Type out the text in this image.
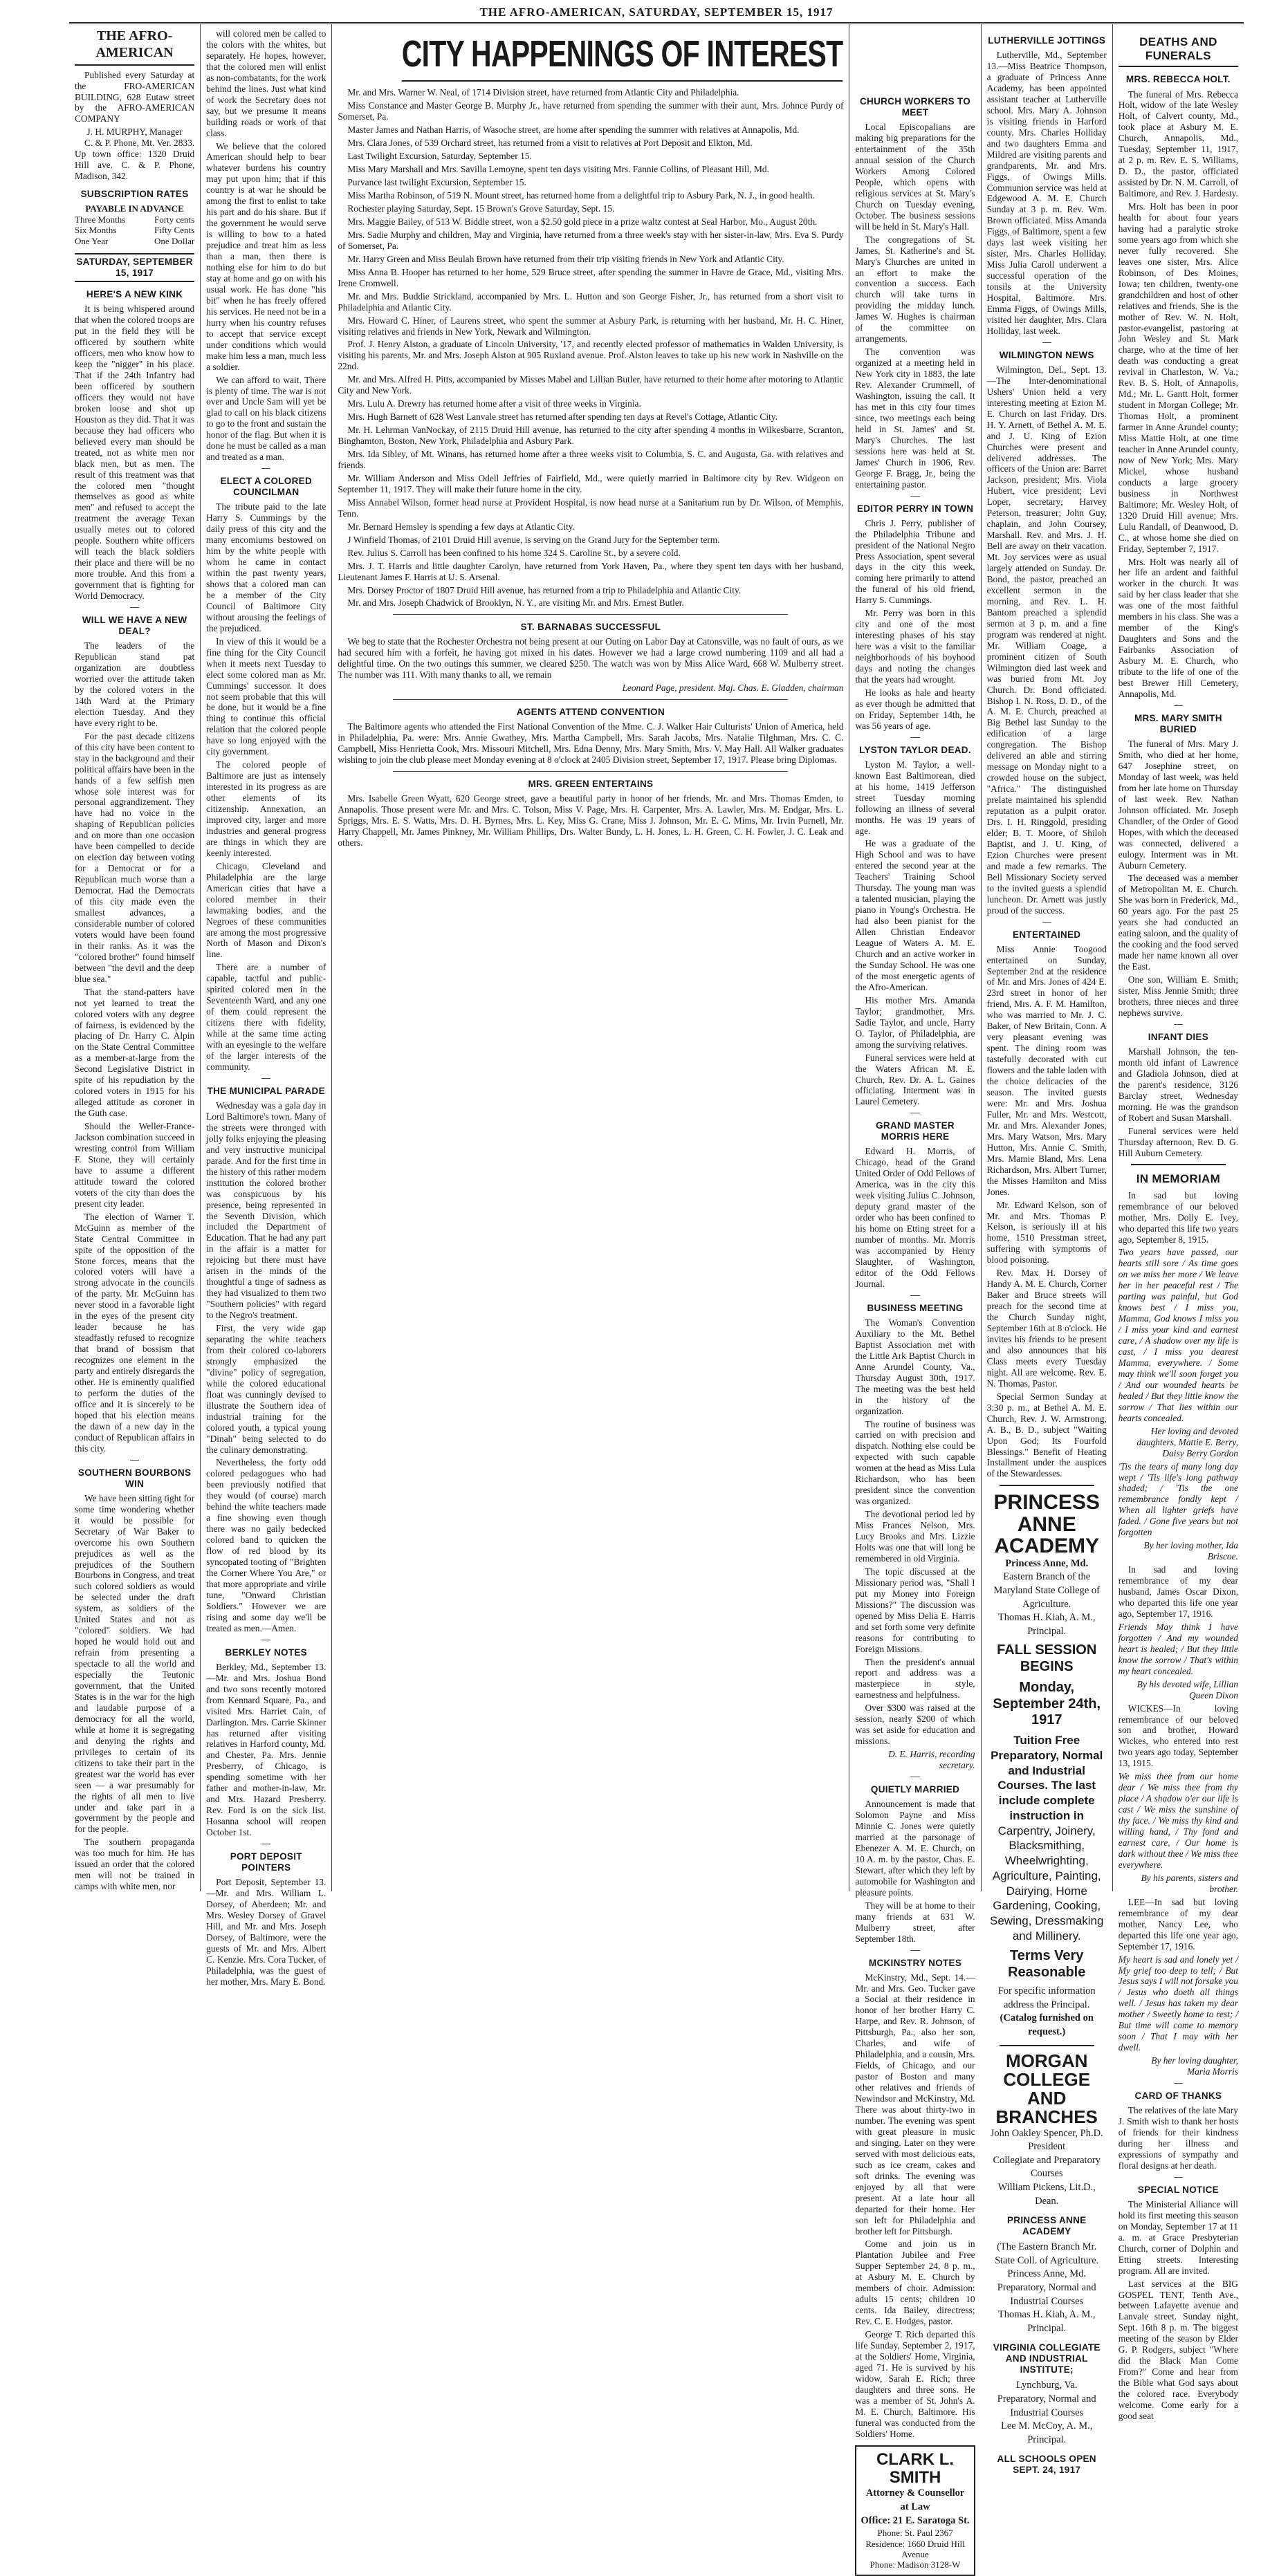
THE AFRO-AMERICAN, SATURDAY, SEPTEMBER 15, 1917
THE AFRO-AMERICAN

Published every Saturday at the FRO-AMERICAN BUILDING, 628 Eutaw street by the AFRO-AMERICAN COMPANY

J. H. MURPHY, Manager

C. & P. Phone, Mt. Ver. 2833. Up town office: 1320 Druid Hill ave. C. & P. Phone, Madison, 342.

SUBSCRIPTION RATES
PAYABLE IN ADVANCE
Three Months	Forty cents
Six Months	Fifty Cents
One Year	One Dollar
SATURDAY, SEPTEMBER 15, 1917
HERE'S A NEW KINK

It is being whispered around that when the colored troops are put in the field they will be officered by southern white officers, men who know how to keep the "nigger" in his place. That if the 24th Infantry had been officered by southern officers they would not have broken loose and shot up Houston as they did. That it was because they had officers who believed every man should be treated, not as white men nor black men, but as men. The result of this treatment was that the colored men "thought themselves as good as white men" and refused to accept the treatment the average Texan usually metes out to colored people. Southern white officers will teach the black soldiers their place and there will be no more trouble. And this from a government that is fighting for World Democracy.

WILL WE HAVE A NEW DEAL?

The leaders of the Republican stand pat organization are doubtless worried over the attitude taken by the colored voters in the 14th Ward at the Primary election Tuesday. And they have every right to be.

For the past decade citizens of this city have been content to stay in the background and their political affairs have been in the hands of a few selfish men whose sole interest was for personal aggrandizement. They have had no voice in the shaping of Republican policies and on more than one occasion have been compelled to decide on election day between voting for a Democrat or for a Republican much worse than a Democrat. Had the Democrats of this city made even the smallest advances, a considerable number of colored voters would have been found in their ranks. As it was the "colored brother" found himself between "the devil and the deep blue sea."

That the stand-patters have not yet learned to treat the colored voters with any degree of fairness, is evidenced by the placing of Dr. Harry C. Alpin on the State Central Committee as a member-at-large from the Second Legislative District in spite of his repudiation by the colored voters in 1915 for his alleged attitude as coroner in the Guth case.

Should the Weller-France-Jackson combination succeed in wresting control from William F. Stone, they will certainly have to assume a different attitude toward the colored voters of the city than does the present city leader.

The election of Warner T. McGuinn as member of the State Central Committee in spite of the opposition of the Stone forces, means that the colored voters will have a strong advocate in the councils of the party. Mr. McGuinn has never stood in a favorable light in the eyes of the present city leader because he has steadfastly refused to recognize that brand of bossism that recognizes one element in the party and entirely disregards the other. He is eminently qualified to perform the duties of the office and it is sincerely to be hoped that his election means the dawn of a new day in the conduct of Republican affairs in this city.

SOUTHERN BOURBONS WIN

We have been sitting tight for some time wondering whether it would be possible for Secretary of War Baker to overcome his own Southern prejudices as well as the prejudices of the Southern Bourbons in Congress, and treat such colored soldiers as would be selected under the draft system, as soldiers of the United States and not as "colored" soldiers. We had hoped he would hold out and refrain from presenting a spectacle to all the world and especially the Teutonic government, that the United States is in the war for the high and laudable purpose of a democracy for all the world, while at home it is segregating and denying the rights and privileges to certain of its citizens to take their part in the greatest war the world has ever seen — a war presumably for the rights of all men to live under and take part in a government by the people and for the people.

The southern propaganda was too much for him. He has issued an order that the colored men will not be trained in camps with white men, nor

will colored men be called to the colors with the whites, but separately. He hopes, however, that the colored men will enlist as non-combatants, for the work behind the lines. Just what kind of work the Secretary does not say, but we presume it means building roads or work of that class.

We believe that the colored American should help to bear whatever burdens his country may put upon him; that if this country is at war he should be among the first to enlist to take his part and do his share. But if the government he would serve is willing to bow to a hated prejudice and treat him as less than a man, then there is nothing else for him to do but stay at home and go on with his usual work. He has done "his bit" when he has freely offered his services. He need not be in a hurry when his country refuses to accept that service except under conditions which would make him less a man, much less a soldier.

We can afford to wait. There is plenty of time. The war is not over and Uncle Sam will yet be glad to call on his black citizens to go to the front and sustain the honor of the flag. But when it is done he must be called as a man and treated as a man.

ELECT A COLORED COUNCILMAN

The tribute paid to the late Harry S. Cummings by the daily press of this city and the many encomiums bestowed on him by the white people with whom he came in contact within the past twenty years, shows that a colored man can be a member of the City Council of Baltimore City without arousing the feelings of the prejudiced.

In view of this it would be a fine thing for the City Council when it meets next Tuesday to elect some colored man as Mr. Cummings' successor. It does not seem probable that this will be done, but it would be a fine thing to continue this official relation that the colored people have so long enjoyed with the city government.

The colored people of Baltimore are just as intensely interested in its progress as are other elements of its citizenship. Annexation, an improved city, larger and more industries and general progress are things in which they are keenly interested.

Chicago, Cleveland and Philadelphia are the large American cities that have a colored member in their lawmaking bodies, and the Negroes of these communities are among the most progressive North of Mason and Dixon's line.

There are a number of capable, tactful and public-spirited colored men in the Seventeenth Ward, and any one of them could represent the citizens there with fidelity, while at the same time acting with an eyesingle to the welfare of the larger interests of the community.

THE MUNICIPAL PARADE

Wednesday was a gala day in Lord Baltimore's town. Many of the streets were thronged with jolly folks enjoying the pleasing and very instructive municipal parade. And for the first time in the history of this rather modern institution the colored brother was conspicuous by his presence, being represented in the Seventh Division, which included the Department of Education. That he had any part in the affair is a matter for rejoicing but there must have arisen in the minds of the thoughtful a tinge of sadness as they had visualized to them two "Southern policies" with regard to the Negro's treatment.

First, the very wide gap separating the white teachers from their colored co-laborers strongly emphasized the "divine" policy of segregation, while the colored educational float was cunningly devised to illustrate the Southern idea of industrial training for the colored youth, a typical young "Dinah" being selected to do the culinary demonstrating.

Nevertheless, the forty odd colored pedagogues who had been previously notified that they would (of course) march behind the white teachers made a fine showing even though there was no gaily bedecked colored band to quicken the flow of red blood by its syncopated tooting of "Brighten the Corner Where You Are," or that more appropriate and virile tune, "Onward Christian Soldiers." However we are rising and some day we'll be treated as men.—Amen.

BERKLEY NOTES

Berkley, Md., September 13.—Mr. and Mrs. Joshua Bond and two sons recently motored from Kennard Square, Pa., and visited Mrs. Harriet Cain, of Darlington. Mrs. Carrie Skinner has returned after visiting relatives in Harford county, Md. and Chester, Pa. Mrs. Jennie Presberry, of Chicago, is spending sometime with her father and mother-in-law, Mr. and Mrs. Hazard Presberry. Rev. Ford is on the sick list. Hosanna school will reopen October 1st.

PORT DEPOSIT POINTERS

Port Deposit, September 13.—Mr. and Mrs. William L. Dorsey, of Aberdeen; Mr. and Mrs. Wesley Dorsey of Gravel Hill, and Mr. and Mrs. Joseph Dorsey, of Baltimore, were the guests of Mr. and Mrs. Albert C. Kenzie. Mrs. Cora Tucker, of Philadelphia, was the guest of her mother, Mrs. Mary E. Bond.

CITY HAPPENINGS OF INTEREST

Mr. and Mrs. Warner W. Neal, of 1714 Division street, have returned from Atlantic City and Philadelphia.

Miss Constance and Master George B. Murphy Jr., have returned from spending the summer with their aunt, Mrs. Johnce Purdy of Somerset, Pa.

Master James and Nathan Harris, of Wasoche street, are home after spending the summer with relatives at Annapolis, Md.

Mrs. Clara Jones, of 539 Orchard street, has returned from a visit to relatives at Port Deposit and Elkton, Md.

Last Twilight Excursion, Saturday, September 15.

Miss Mary Marshall and Mrs. Savilla Lemoyne, spent ten days visiting Mrs. Fannie Collins, of Pleasant Hill, Md.

Purvance last twilight Excursion, September 15.

Miss Martha Robinson, of 519 N. Mount street, has returned home from a delightful trip to Asbury Park, N. J., in good health.

Rochester playing Saturday, Sept. 15 Brown's Grove Saturday, Sept. 15.

Mrs. Maggie Bailey, of 513 W. Biddle street, won a $2.50 gold piece in a prize waltz contest at Seal Harbor, Mo., August 20th.

Mrs. Sadie Murphy and children, May and Virginia, have returned from a three week's stay with her sister-in-law, Mrs. Eva S. Purdy of Somerset, Pa.

Mr. Harry Green and Miss Beulah Brown have returned from their trip visiting friends in New York and Atlantic City.

Miss Anna B. Hooper has returned to her home, 529 Bruce street, after spending the summer in Havre de Grace, Md., visiting Mrs. Irene Cromwell.

Mr. and Mrs. Buddie Strickland, accompanied by Mrs. L. Hutton and son George Fisher, Jr., has returned from a short visit to Philadelphia and Atlantic City.

Mrs. Howard C. Hiner, of Laurens street, who spent the summer at Asbury Park, is returning with her husband, Mr. H. C. Hiner, visiting relatives and friends in New York, Newark and Wilmington.

Prof. J. Henry Alston, a graduate of Lincoln University, '17, and recently elected professor of mathematics in Walden University, is visiting his parents, Mr. and Mrs. Joseph Alston at 905 Ruxland avenue. Prof. Alston leaves to take up his new work in Nashville on the 22nd.

Mr. and Mrs. Alfred H. Pitts, accompanied by Misses Mabel and Lillian Butler, have returned to their home after motoring to Atlantic City and New York.

Mrs. Lulu A. Drewry has returned home after a visit of three weeks in Virginia.

Mrs. Hugh Barnett of 628 West Lanvale street has returned after spending ten days at Revel's Cottage, Atlantic City.

Mr. H. Lehrman VanNockay, of 2115 Druid Hill avenue, has returned to the city after spending 4 months in Wilkesbarre, Scranton, Binghamton, Boston, New York, Philadelphia and Asbury Park.

Mrs. Ida Sibley, of Mt. Winans, has returned home after a three weeks visit to Columbia, S. C. and Augusta, Ga. with relatives and friends.

Mr. William Anderson and Miss Odell Jeffries of Fairfield, Md., were quietly married in Baltimore city by Rev. Widgeon on September 11, 1917. They will make their future home in the city.

Miss Annabel Wilson, former head nurse at Provident Hospital, is now head nurse at a Sanitarium run by Dr. Wilson, of Memphis, Tenn.

Mr. Bernard Hemsley is spending a few days at Atlantic City.

J Winfield Thomas, of 2101 Druid Hill avenue, is serving on the Grand Jury for the September term.

Rev. Julius S. Carroll has been confined to his home 324 S. Caroline St., by a severe cold.

Mrs. J. T. Harris and little daughter Carolyn, have returned from York Haven, Pa., where they spent ten days with her husband, Lieutenant James F. Harris at U. S. Arsenal.

Mrs. Dorsey Proctor of 1807 Druid Hill avenue, has returned from a trip to Philadelphia and Atlantic City.

Mr. and Mrs. Joseph Chadwick of Brooklyn, N. Y., are visiting Mr. and Mrs. Ernest Butler.

ST. BARNABAS SUCCESSFUL

We beg to state that the Rochester Orchestra not being present at our Outing on Labor Day at Catonsville, was no fault of ours, as we had secured him with a forfeit, he having got mixed in his dates. However we had a large crowd numbering 1109 and all had a delightful time. On the two outings this summer, we cleared $250. The watch was won by Miss Alice Ward, 668 W. Mulberry street. The number was 111. With many thanks to all, we remain

Leonard Page, president. Maj. Chas. E. Gladden, chairman

AGENTS ATTEND CONVENTION

The Baltimore agents who attended the First National Convention of the Mme. C. J. Walker Hair Culturists' Union of America, held in Philadelphia, Pa. were: Mrs. Annie Gwathey, Mrs. Martha Campbell, Mrs. Sarah Jacobs, Mrs. Natalie Tilghman, Mrs. C. C. Campbell, Miss Henrietta Cook, Mrs. Missouri Mitchell, Mrs. Edna Denny, Mrs. Mary Smith, Mrs. V. May Hall. All Walker graduates wishing to join the club please meet Monday evening at 8 o'clock at 2405 Division street, September 17, 1917. Please bring Diplomas.

MRS. GREEN ENTERTAINS

Mrs. Isabelle Green Wyatt, 620 George street, gave a beautiful party in honor of her friends, Mr. and Mrs. Thomas Emden, to Annapolis. Those present were Mr. and Mrs. C. Tolson, Miss V. Page, Mrs. H. Carpenter, Mrs. A. Lawler, Mrs. M. Endgar, Mrs. L. Spriggs, Mrs. E. S. Watts, Mrs. D. H. Byrnes, Mrs. L. Key, Miss G. Crane, Miss J. Johnson, Mr. E. C. Mims, Mr. Irvin Purnell, Mr. Harry Chappell, Mr. James Pinkney, Mr. William Phillips, Drs. Walter Bundy, L. H. Jones, L. H. Green, C. H. Fowler, J. C. Leak and others.

CHURCH WORKERS TO MEET

Local Episcopalians are making big preparations for the entertainment of the 35th annual session of the Church Workers Among Colored People, which opens with religious services at St. Mary's Church on Tuesday evening, October. The business sessions will be held in St. Mary's Hall.

The congregations of St. James, St. Katherine's and St. Mary's Churches are united in an effort to make the convention a success. Each church will take turns in providing the midday lunch. James W. Hughes is chairman of the committee on arrangements.

The convention was organized at a meeting held in New York city in 1883, the late Rev. Alexander Crummell, of Washington, issuing the call. It has met in this city four times since, two meetings each being held in St. James' and St. Mary's Churches. The last sessions here was held at St. James' Church in 1906, Rev. George F. Bragg, Jr., being the entertaining pastor.

EDITOR PERRY IN TOWN

Chris J. Perry, publisher of the Philadelphia Tribune and president of the National Negro Press Association, spent several days in the city this week, coming here primarily to attend the funeral of his old friend, Harry S. Cummings.

Mr. Perry was born in this city and one of the most interesting phases of his stay here was a visit to the familiar neighborhoods of his boyhood days and noting the changes that the years had wrought.

He looks as hale and hearty as ever though he admitted that on Friday, September 14th, he was 56 years of age.

LYSTON TAYLOR DEAD.

Lyston M. Taylor, a well-known East Baltimorean, died at his home, 1419 Jefferson street Tuesday morning following an illness of several months. He was 19 years of age.

He was a graduate of the High School and was to have entered the second year at the Teachers' Training School Thursday. The young man was a talented musician, playing the piano in Young's Orchestra. He had also been pianist for the Allen Christian Endeavor League of Waters A. M. E. Church and an active worker in the Sunday School. He was one of the most energetic agents of the Afro-American.

His mother Mrs. Amanda Taylor; grandmother, Mrs. Sadie Taylor, and uncle, Harry O. Taylor, of Philadelphia, are among the surviving relatives.

Funeral services were held at the Waters African M. E. Church, Rev. Dr. A. L. Gaines officiating. Interment was in Laurel Cemetery.

GRAND MASTER MORRIS HERE

Edward H. Morris, of Chicago, head of the Grand United Order of Odd Fellows of America, was in the city this week visiting Julius C. Johnson, deputy grand master of the order who has been confined to his home on Etting street for a number of months. Mr. Morris was accompanied by Henry Slaughter, of Washington, editor of the Odd Fellows Journal.

BUSINESS MEETING

The Woman's Convention Auxiliary to the Mt. Bethel Baptist Association met with the Little Ark Baptist Church in Anne Arundel County, Va., Thursday August 30th, 1917. The meeting was the best held in the history of the organization.

The routine of business was carried on with precision and dispatch. Nothing else could be expected with such capable women at the head as Miss Lula Richardson, who has been president since the convention was organized.

The devotional period led by Miss Frances Nelson, Mrs. Lucy Brooks and Mrs. Lizzie Holts was one that will long be remembered in old Virginia.

The topic discussed at the Missionary period was, "Shall I put my Money into Foreign Missions?" The discussion was opened by Miss Delia E. Harris and set forth some very definite reasons for contributing to Foreign Missions.

Then the president's annual report and address was a masterpiece in style, earnestness and helpfulness.

Over $300 was raised at the session, nearly $200 of which was set aside for education and missions.

D. E. Harris, recording secretary.

QUIETLY MARRIED

Announcement is made that Solomon Payne and Miss Minnie C. Jones were quietly married at the parsonage of Ebenezer A. M. E. Church, on 10 A. m. by the pastor, Chas. E. Stewart, after which they left by automobile for Washington and pleasure points.

They will be at home to their many friends at 631 W. Mulberry street, after September 18th.

MCKINSTRY NOTES

McKinstry, Md., Sept. 14.—Mr. and Mrs. Geo. Tucker gave a Social at their residence in honor of her brother Harry C. Harpe, and Rev. R. Johnson, of Pittsburgh, Pa., also her son, Charles, and wife of Philadelphia, and a cousin, Mrs. Fields, of Chicago, and our pastor of Boston and many other relatives and friends of Newindsor and McKinstry, Md. There was about thirty-two in number. The evening was spent with great pleasure in music and singing. Later on they were served with most delicious eats, such as ice cream, cakes and soft drinks. The evening was enjoyed by all that were present. At a late hour all departed for their home. Her son left for Philadelphia and brother left for Pittsburgh.

Come and join us in Plantation Jubilee and Free Supper September 24, 8 p. m., at Asbury M. E. Church by members of choir. Admission: adults 15 cents; children 10 cents. Ida Bailey, directress; Rev. C. E. Hodges, pastor.

George T. Rich departed this life Sunday, September 2, 1917, at the Soldiers' Home, Virginia, aged 71. He is survived by his widow, Sarah E. Rich; three daughters and three sons. He was a member of St. John's A. M. E. Church, Baltimore. His funeral was conducted from the Soldiers' Home.

CLARK L. SMITH
Attorney & Counsellor at Law
Office: 21 E. Saratoga St.
Phone: St. Paul 2367
Residence: 1660 Druid Hill Avenue
Phone: Madison 3128-W
LUTHERVILLE JOTTINGS

Lutherville, Md., September 13.—Miss Beatrice Thompson, a graduate of Princess Anne Academy, has been appointed assistant teacher at Lutherville school. Mrs. Mary A. Johnson is visiting friends in Harford county. Mrs. Charles Holliday and two daughters Emma and Mildred are visiting parents and grandparents, Mr. and Mrs. Figgs, of Owings Mills. Communion service was held at Edgewood A. M. E. Church Sunday at 3 p. m. Rev. Wm. Brown officiated. Miss Amanda Figgs, of Baltimore, spent a few days last week visiting her sister, Mrs. Charles Holliday. Miss Julia Caroll underwent a successful operation of the tonsils at the University Hospital, Baltimore. Mrs. Emma Figgs, of Owings Mills, visited her daughter, Mrs. Clara Holliday, last week.

WILMINGTON NEWS

Wilmington, Del., Sept. 13.—The Inter-denominational Ushers' Union held a very interesting meeting at Ezion M. E. Church on last Friday. Drs. H. Y. Arnett, of Bethel A. M. E. and J. U. King of Ezion Churches were present and delivered addresses. The officers of the Union are: Barret Jackson, president; Mrs. Viola Hubert, vice president; Levi Loper, secretary; Harvey Peterson, treasurer; John Guy, chaplain, and John Coursey, Marshall. Rev. and Mrs. J. H. Bell are away on their vacation. Mt. Joy services were as usual largely attended on Sunday. Dr. Bond, the pastor, preached an excellent sermon in the morning, and Rev. L. H. Bantom preached a splendid sermon at 3 p. m. and a fine program was rendered at night. Mr. William Coage, a prominent citizen of South Wilmington died last week and was buried from Mt. Joy Church. Dr. Bond officiated. Bishop I. N. Ross, D. D., of the A. M. E. Church, preached at Big Bethel last Sunday to the edification of a large congregation. The Bishop delivered an able and stirring message on Monday night to a crowded house on the subject, "Africa." The distinguished prelate maintained his splendid reputation as a pulpit orator. Drs. I. H. Ringgold, presiding elder; B. T. Moore, of Shiloh Baptist, and J. U. King, of Ezion Churches were present and made a few remarks. The Bell Missionary Society served to the invited guests a splendid luncheon. Dr. Arnett was justly proud of the success.

ENTERTAINED

Miss Annie Toogood entertained on Sunday, September 2nd at the residence of Mr. and Mrs. Jones of 424 E. 23rd street in honor of her friend, Mrs. A. F. M. Hamilton, who was married to Mr. J. C. Baker, of New Britain, Conn. A very pleasant evening was spent. The dining room was tastefully decorated with cut flowers and the table laden with the choice delicacies of the season. The invited guests were: Mr. and Mrs. Joshua Fuller, Mr. and Mrs. Westcott, Mr. and Mrs. Alexander Jones, Mrs. Mary Watson, Mrs. Mary Hutton, Mrs. Annie C. Smith, Mrs. Mamie Bland, Mrs. Lena Richardson, Mrs. Albert Turner, the Misses Hamilton and Miss Jones.

Mr. Edward Kelson, son of Mr. and Mrs. Thomas P. Kelson, is seriously ill at his home, 1510 Presstman street, suffering with symptoms of blood poisoning.

Rev. Max H. Dorsey of Handy A. M. E. Church, Corner Baker and Bruce streets will preach for the second time at the Church Sunday night, September 16th at 8 o'clock. He invites his friends to be present and also announces that his Class meets every Tuesday night. All are welcome. Rev. E. N. Thomas, Pastor.

Special Sermon Sunday at 3:30 p. m., at Bethel A. M. E. Church, Rev. J. W. Armstrong, A. B., B. D., subject "Waiting Upon God; Its Fourfold Blessings." Benefit of Heating Installment under the auspices of the Stewardesses.

PRINCESS ANNE ACADEMY
Princess Anne, Md.
Eastern Branch of the Maryland State College of Agriculture.
Thomas H. Kiah, A. M., Principal.
FALL SESSION BEGINS
Monday, September 24th, 1917
Tuition Free Preparatory, Normal and Industrial Courses. The last include complete instruction in
Carpentry, Joinery, Blacksmithing, Wheelwrighting, Agriculture, Painting, Dairying, Home Gardening, Cooking, Sewing, Dressmaking and Millinery.
Terms Very Reasonable
For specific information address the Principal.
(Catalog furnished on request.)
MORGAN COLLEGE AND BRANCHES
John Oakley Spencer, Ph.D. President
Collegiate and Preparatory Courses
William Pickens, Lit.D., Dean.
PRINCESS ANNE ACADEMY
(The Eastern Branch Mr. State Coll. of Agriculture.
Princess Anne, Md.
Preparatory, Normal and Industrial Courses
Thomas H. Kiah, A. M., Principal.
VIRGINIA COLLEGIATE AND INDUSTRIAL INSTITUTE;
Lynchburg, Va.
Preparatory, Normal and Industrial Courses
Lee M. McCoy, A. M., Principal.
ALL SCHOOLS OPEN SEPT. 24, 1917
DEATHS AND FUNERALS
MRS. REBECCA HOLT.

The funeral of Mrs. Rebecca Holt, widow of the late Wesley Holt, of Calvert county, Md., took place at Asbury M. E. Church, Annapolis, Md., Tuesday, September 11, 1917, at 2 p. m. Rev. E. S. Williams, D. D., the pastor, officiated assisted by Dr. N. M. Carroll, of Baltimore, and Rev. J. Hardesty.

Mrs. Holt has been in poor health for about four years having had a paralytic stroke some years ago from which she never fully recovered. She leaves one sister, Mrs. Alice Robinson, of Des Moines, Iowa; ten children, twenty-one grandchildren and host of other relatives and friends. She is the mother of Rev. W. N. Holt, pastor-evangelist, pastoring at John Wesley and St. Mark charge, who at the time of her death was conducting a great revival in Charleston, W. Va.; Rev. B. S. Holt, of Annapolis, Md.; Mr. L. Gantt Holt, former student in Morgan College; Mr. Thomas Holt, a prominent farmer in Anne Arundel county; Miss Mattie Holt, at one time teacher in Anne Arundel county, now of New York; Mrs. Mary Mickel, whose husband conducts a large grocery business in Northwest Baltimore; Mr. Wesley Holt, of 1320 Druid Hill avenue; Mrs. Lulu Randall, of Deanwood, D. C., at whose home she died on Friday, September 7, 1917.

Mrs. Holt was nearly all of her life an ardent and faithful worker in the church. It was said by her class leader that she was one of the most faithful members in his class. She was a member of the King's Daughters and Sons and the Fairbanks Association of Asbury M. E. Church, who tribute to the life of one of the best Brewer Hill Cemetery, Annapolis, Md.

MRS. MARY SMITH BURIED

The funeral of Mrs. Mary J. Smith, who died at her home, 647 Josephine street, on Monday of last week, was held from her late home on Thursday of last week. Rev. Nathan Johnson officiated. Mr. Joseph Chandler, of the Order of Good Hopes, with which the deceased was connected, delivered a eulogy. Interment was in Mt. Auburn Cemetery.

The deceased was a member of Metropolitan M. E. Church. She was born in Frederick, Md., 60 years ago. For the past 25 years she had conducted an eating saloon, and the quality of the cooking and the food served made her name known all over the East.

One son, William E. Smith; sister, Miss Jennie Smith; three brothers, three nieces and three nephews survive.

INFANT DIES

Marshall Johnson, the ten-month old infant of Lawrence and Gladiola Johnson, died at the parent's residence, 3126 Barclay street, Wednesday morning. He was the grandson of Robert and Susan Marshall.

Funeral services were held Thursday afternoon, Rev. D. G. Hill Auburn Cemetery.

IN MEMORIAM

In sad but loving remembrance of our beloved mother, Mrs. Dolly E. Ivey, who departed this life two years ago, September 8, 1915.

Two years have passed, our hearts still sore / As time goes on we miss her more / We leave her in her peaceful rest / The parting was painful, but God knows best / I miss you, Mamma, God knows I miss you / I miss your kind and earnest care, / A shadow over my life is cast, / I miss you dearest Mamma, everywhere. / Some may think we'll soon forget you / And our wounded hearts be healed / But they little know the sorrow / That lies within our hearts concealed.

Her loving and devoted daughters, Mattie E. Berry, Daisy Berry Gordon

'Tis the tears of many long day wept / 'Tis life's long pathway shaded; / 'Tis the one remembrance fondly kept / When all lighter griefs have faded. / Gone five years but not forgotten

By her loving mother, Ida Briscoe.

In sad and loving remembrance of my dear husband, James Oscar Dixon, who departed this life one year ago, September 17, 1916.

Friends May think I have forgotten / And my wounded heart is healed; / But they little know the sorrow / That's within my heart concealed.

By his devoted wife, Lillian Queen Dixon

WICKES—In loving remembrance of our beloved son and brother, Howard Wickes, who entered into rest two years ago today, September 13, 1915.

We miss thee from our home dear / We miss thee from thy place / A shadow o'er our life is cast / We miss the sunshine of thy face. / We miss thy kind and willing hand, / Thy fond and earnest care, / Our home is dark without thee / We miss thee everywhere.

By his parents, sisters and brother.

LEE—In sad but loving remembrance of my dear mother, Nancy Lee, who departed this life one year ago, September 17, 1916.

My heart is sad and lonely yet / My grief too deep to tell; / But Jesus says I will not forsake you / Jesus who doeth all things well. / Jesus has taken my dear mother / Sweetly home to rest; / But time will come to memory soon / That I may with her dwell.

By her loving daughter, Maria Morris

CARD OF THANKS

The relatives of the late Mary J. Smith wish to thank her hosts of friends for their kindness during her illness and expressions of sympathy and floral designs at her death.

SPECIAL NOTICE

The Ministerial Alliance will hold its first meeting this season on Monday, September 17 at 11 a. m. at Grace Presbyterian Church, corner of Dolphin and Etting streets. Interesting program. All are invited.

Last services at the BIG GOSPEL TENT, Tenth Ave., between Lafayette avenue and Lanvale street. Sunday night, Sept. 16th 8 p. m. The biggest meeting of the season by Elder G. P. Rodgers, subject "Where did the Black Man Come From?" Come and hear from the Bible what God says about the colored race. Everybody welcome. Come early for a good seat
